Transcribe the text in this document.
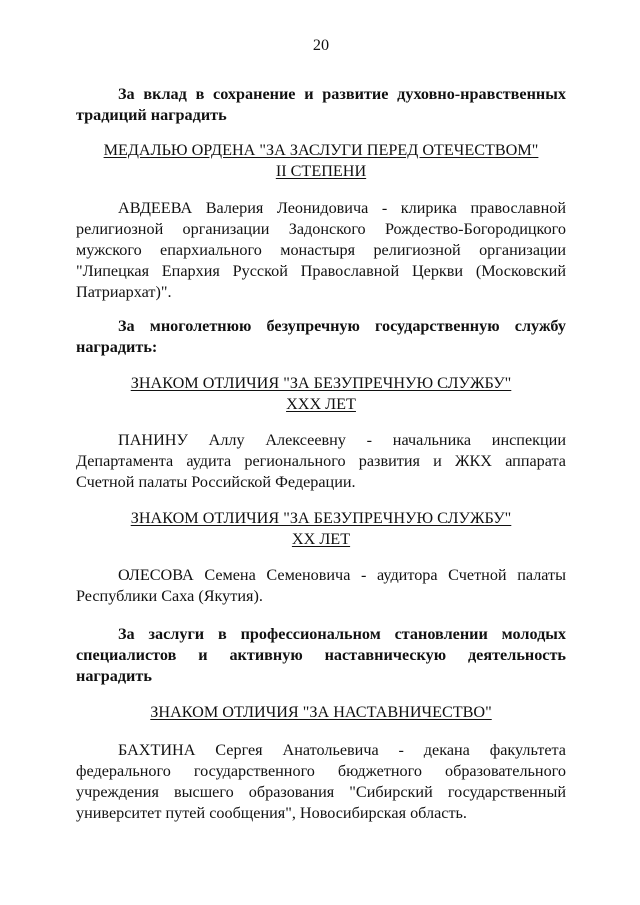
20
За вклад в сохранение и развитие духовно-нравственных традиций наградить
МЕДАЛЬЮ ОРДЕНА "ЗА ЗАСЛУГИ ПЕРЕД ОТЕЧЕСТВОМ"
II СТЕПЕНИ
АВДЕЕВА Валерия Леонидовича - клирика православной религиозной организации Задонского Рождество-Богородицкого мужского епархиального монастыря религиозной организации "Липецкая Епархия Русской Православной Церкви (Московский Патриархат)".
За многолетнюю безупречную государственную службу наградить:
ЗНАКОМ ОТЛИЧИЯ "ЗА БЕЗУПРЕЧНУЮ СЛУЖБУ"
XXX ЛЕТ
ПАНИНУ Аллу Алексеевну - начальника инспекции Департамента аудита регионального развития и ЖКХ аппарата Счетной палаты Российской Федерации.
ЗНАКОМ ОТЛИЧИЯ "ЗА БЕЗУПРЕЧНУЮ СЛУЖБУ"
XX ЛЕТ
ОЛЕСОВА Семена Семеновича - аудитора Счетной палаты Республики Саха (Якутия).
За заслуги в профессиональном становлении молодых специалистов и активную наставническую деятельность наградить
ЗНАКОМ ОТЛИЧИЯ "ЗА НАСТАВНИЧЕСТВО"
БАХТИНА Сергея Анатольевича - декана факультета федерального государственного бюджетного образовательного учреждения высшего образования "Сибирский государственный университет путей сообщения", Новосибирская область.
